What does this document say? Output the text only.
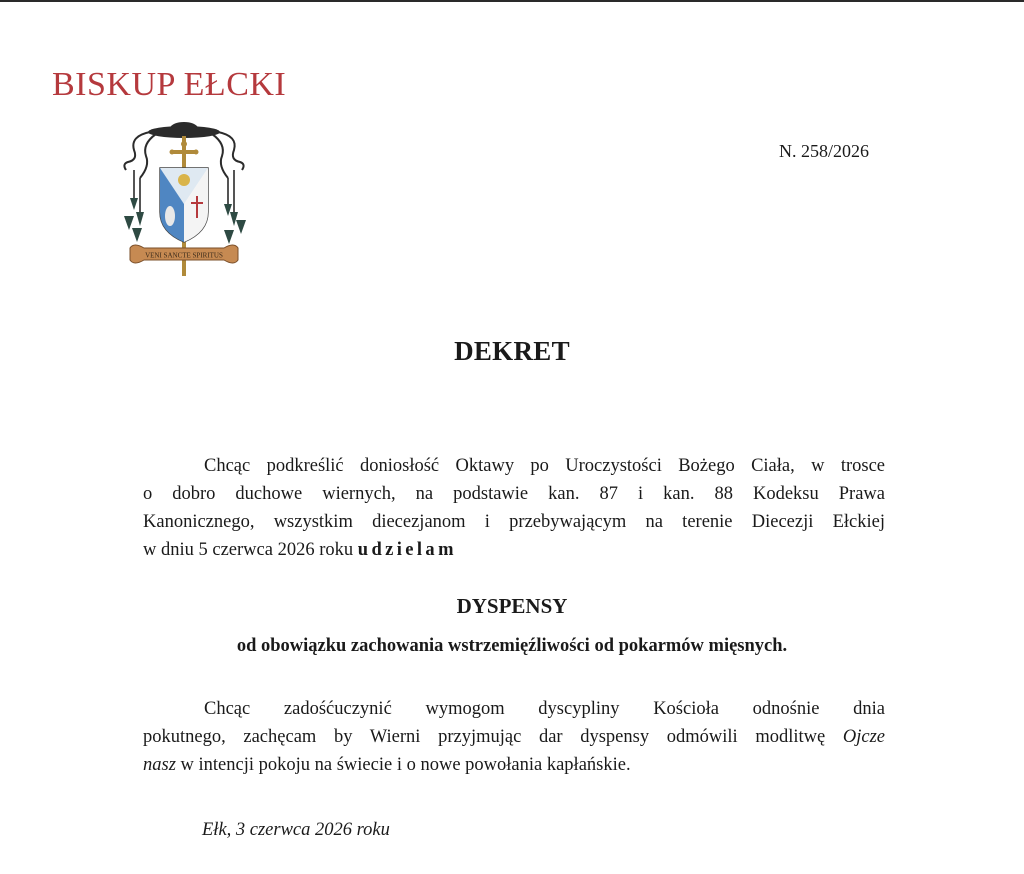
BISKUP EŁCKI
VENI SANCTE SPIRITUS
N. 258/2026
DEKRET
Chcąc podkreślić doniosłość Oktawy po Uroczystości Bożego Ciała, w trosce
o dobro duchowe wiernych, na podstawie kan. 87 i kan. 88 Kodeksu Prawa
Kanonicznego, wszystkim diecezjanom i przebywającym na terenie Diecezji Ełckiej
w dniu 5 czerwca 2026 roku udzielam
DYSPENSY
od obowiązku zachowania wstrzemięźliwości od pokarmów mięsnych.
Chcąc zadośćuczynić wymogom dyscypliny Kościoła odnośnie dnia
pokutnego, zachęcam by Wierni przyjmując dar dyspensy odmówili modlitwę Ojcze
nasz w intencji pokoju na świecie i o nowe powołania kapłańskie.
Ełk, 3 czerwca 2026 roku
